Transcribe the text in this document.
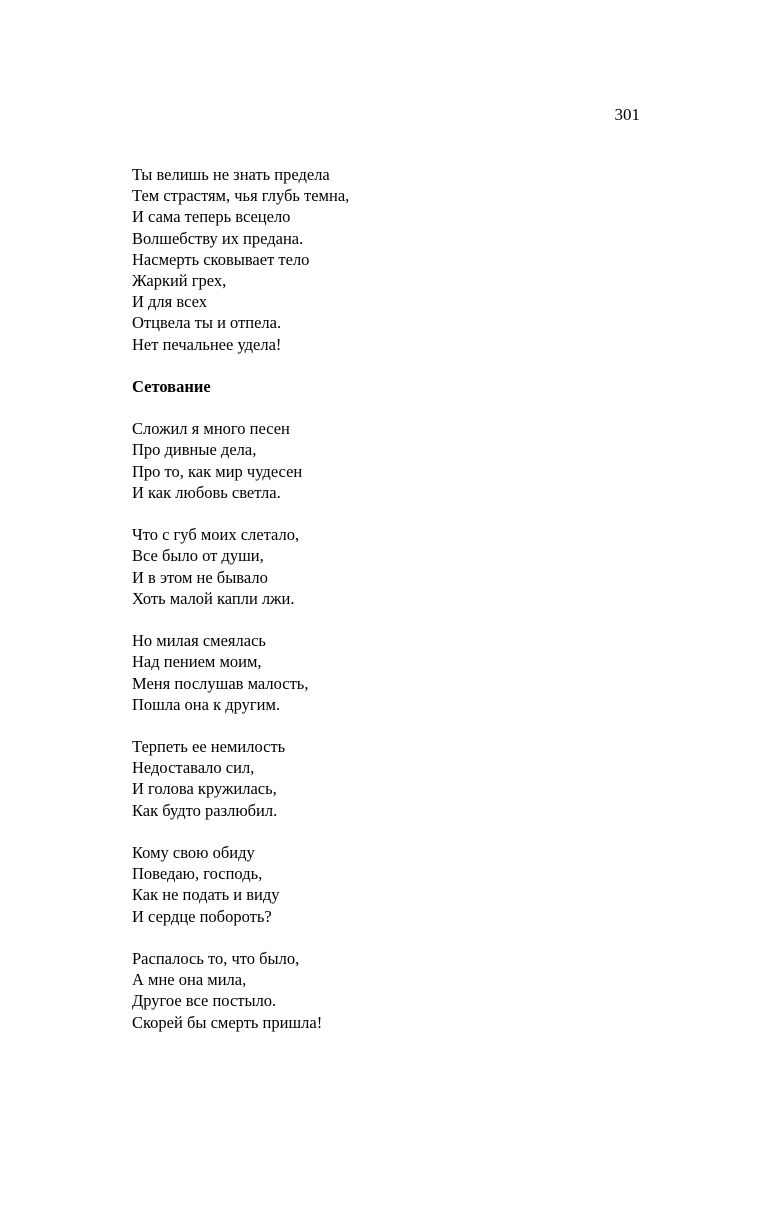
301
Ты велишь не знать предела
Тем страстям, чья глубь темна,
И сама теперь всецело
Волшебству их предана.
Насмерть сковывает тело
Жаркий грех,
И для всех
Отцвела ты и отпела.
Нет печальнее удела!
Сетование
Сложил я много песен
Про дивные дела,
Про то, как мир чудесен
И как любовь светла.
Что с губ моих слетало,
Все было от души,
И в этом не бывало
Хоть малой капли лжи.
Но милая смеялась
Над пением моим,
Меня послушав малость,
Пошла она к другим.
Терпеть ее немилость
Недоставало сил,
И голова кружилась,
Как будто разлюбил.
Кому свою обиду
Поведаю, господь,
Как не подать и виду
И сердце побороть?
Распалось то, что было,
А мне она мила,
Другое все постыло.
Скорей бы смерть пришла!
